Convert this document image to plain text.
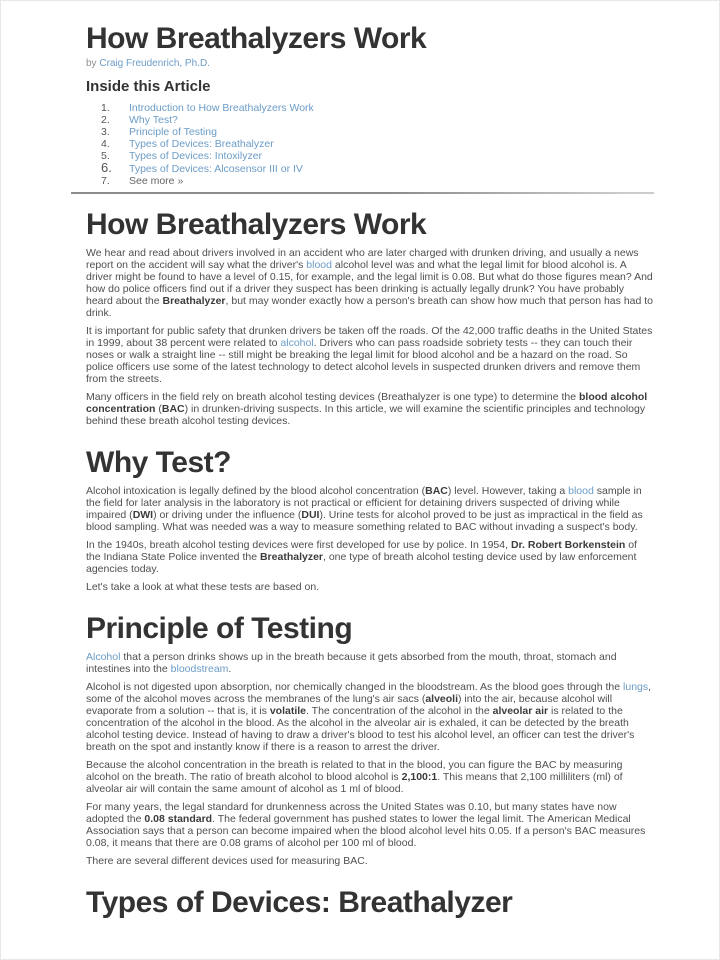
How Breathalyzers Work
by Craig Freudenrich, Ph.D.
Inside this Article
1.	Introduction to How Breathalyzers Work
2.	Why Test?
3.	Principle of Testing
4.	Types of Devices: Breathalyzer
5.	Types of Devices: Intoxilyzer
6.	Types of Devices: Alcosensor III or IV
7.	See more »
How Breathalyzers Work

We hear and read about drivers involved in an accident who are later charged with drunken driving, and usually a news report on the accident will say what the driver's blood alcohol level was and what the legal limit for blood alcohol is. A driver might be found to have a level of 0.15, for example, and the legal limit is 0.08. But what do those figures mean? And how do police officers find out if a driver they suspect has been drinking is actually legally drunk? You have probably heard about the Breathalyzer, but may wonder exactly how a person's breath can show how much that person has had to drink.

It is important for public safety that drunken drivers be taken off the roads. Of the 42,000 traffic deaths in the United States in 1999, about 38 percent were related to alcohol. Drivers who can pass roadside sobriety tests -- they can touch their noses or walk a straight line -- still might be breaking the legal limit for blood alcohol and be a hazard on the road. So police officers use some of the latest technology to detect alcohol levels in suspected drunken drivers and remove them from the streets.

Many officers in the field rely on breath alcohol testing devices (Breathalyzer is one type) to determine the blood alcohol concentration (BAC) in drunken-driving suspects. In this article, we will examine the scientific principles and technology behind these breath alcohol testing devices.

Why Test?

Alcohol intoxication is legally defined by the blood alcohol concentration (BAC) level. However, taking a blood sample in the field for later analysis in the laboratory is not practical or efficient for detaining drivers suspected of driving while impaired (DWI) or driving under the influence (DUI). Urine tests for alcohol proved to be just as impractical in the field as blood sampling. What was needed was a way to measure something related to BAC without invading a suspect's body.

In the 1940s, breath alcohol testing devices were first developed for use by police. In 1954, Dr. Robert Borkenstein of the Indiana State Police invented the Breathalyzer, one type of breath alcohol testing device used by law enforcement agencies today.

Let's take a look at what these tests are based on.

Principle of Testing

Alcohol that a person drinks shows up in the breath because it gets absorbed from the mouth, throat, stomach and intestines into the bloodstream.

Alcohol is not digested upon absorption, nor chemically changed in the bloodstream. As the blood goes through the lungs, some of the alcohol moves across the membranes of the lung's air sacs (alveoli) into the air, because alcohol will evaporate from a solution -- that is, it is volatile. The concentration of the alcohol in the alveolar air is related to the concentration of the alcohol in the blood. As the alcohol in the alveolar air is exhaled, it can be detected by the breath alcohol testing device. Instead of having to draw a driver's blood to test his alcohol level, an officer can test the driver's breath on the spot and instantly know if there is a reason to arrest the driver.

Because the alcohol concentration in the breath is related to that in the blood, you can figure the BAC by measuring alcohol on the breath. The ratio of breath alcohol to blood alcohol is 2,100:1. This means that 2,100 milliliters (ml) of alveolar air will contain the same amount of alcohol as 1 ml of blood.

For many years, the legal standard for drunkenness across the United States was 0.10, but many states have now adopted the 0.08 standard. The federal government has pushed states to lower the legal limit. The American Medical Association says that a person can become impaired when the blood alcohol level hits 0.05. If a person's BAC measures 0.08, it means that there are 0.08 grams of alcohol per 100 ml of blood.

There are several different devices used for measuring BAC.

Types of Devices: Breathalyzer
